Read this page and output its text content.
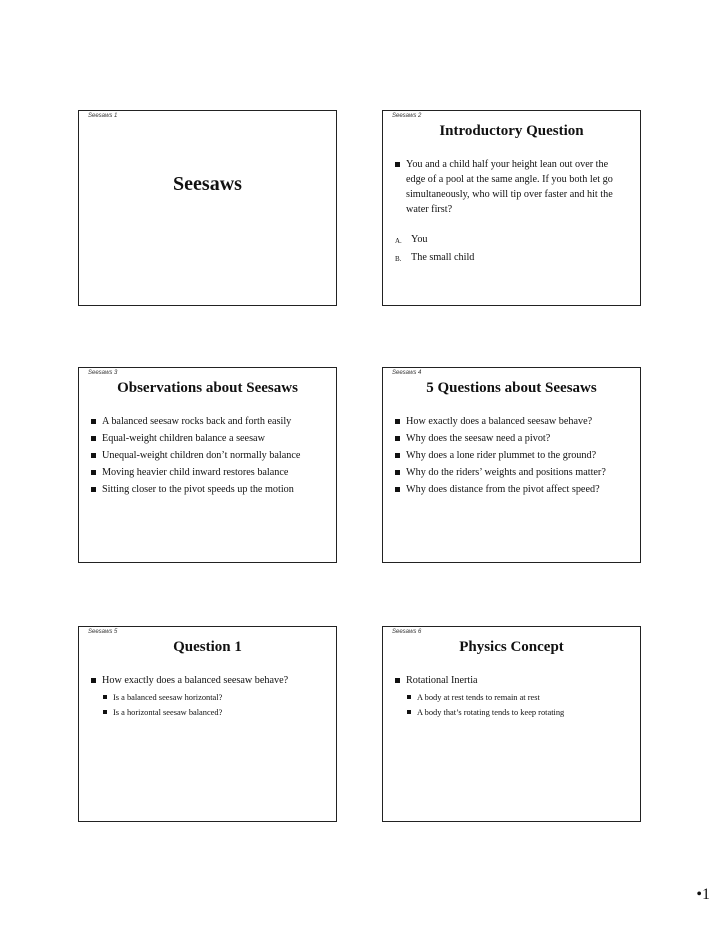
Seesaws 1
Seesaws
Seesaws 2
Introductory Question
You and a child half your height lean out over the edge of a pool at the same angle. If you both let go simultaneously, who will tip over faster and hit the water first?
A. You
B. The small child
Seesaws 3
Observations about Seesaws
A balanced seesaw rocks back and forth easily
Equal-weight children balance a seesaw
Unequal-weight children don’t normally balance
Moving heavier child inward restores balance
Sitting closer to the pivot speeds up the motion
Seesaws 4
5 Questions about Seesaws
How exactly does a balanced seesaw behave?
Why does the seesaw need a pivot?
Why does a lone rider plummet to the ground?
Why do the riders’ weights and positions matter?
Why does distance from the pivot affect speed?
Seesaws 5
Question 1
How exactly does a balanced seesaw behave?
Is a balanced seesaw horizontal?
Is a horizontal seesaw balanced?
Seesaws 6
Physics Concept
Rotational Inertia
A body at rest tends to remain at rest
A body that’s rotating tends to keep rotating
•1
